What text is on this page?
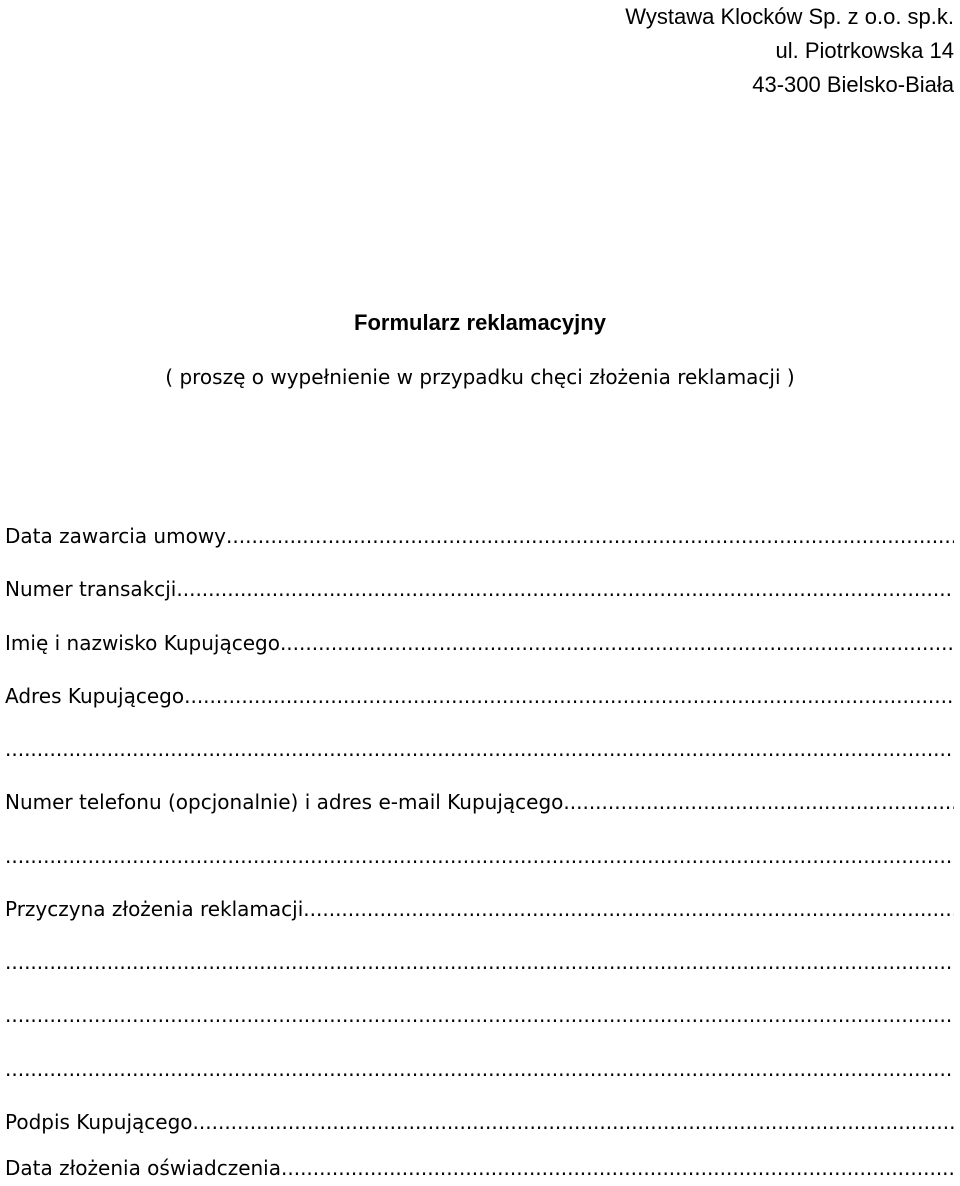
Wystawa Klocków Sp. z o.o. sp.k.
ul. Piotrkowska 14
43-300 Bielsko-Biała
Formularz reklamacyjny
( proszę o wypełnienie w przypadku chęci złożenia reklamacji )
Data zawarcia umowy
.....
Numer transakcji
.....
Imię i nazwisko Kupującego
.....
Adres Kupującego
.....
.....
Numer telefonu (opcjonalnie) i adres e-mail Kupującego
.....
.....
Przyczyna złożenia reklamacji
.....
.....
.....
.....
Podpis Kupującego
.....
Data złożenia oświadczenia
.....
